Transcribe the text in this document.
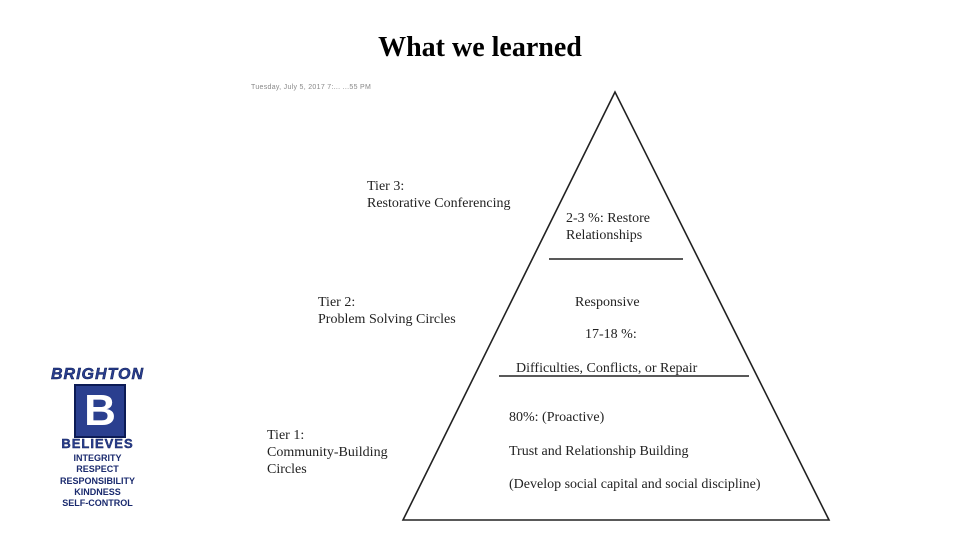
What we learned
Tuesday, July 5, 2017 7:... ...55 PM
Tier 3:
Restorative Conferencing
Tier 2:
Problem Solving Circles
Tier 1:
Community-Building
Circles
2-3 %: Restore
Relationships
Responsive
17-18 %:
Difficulties, Conflicts, or Repair
80%: (Proactive)
Trust and Relationship Building
(Develop social capital and social discipline)
BRIGHTON
B
BELIEVES
INTEGRITY
RESPECT
RESPONSIBILITY
KINDNESS
SELF-CONTROL
